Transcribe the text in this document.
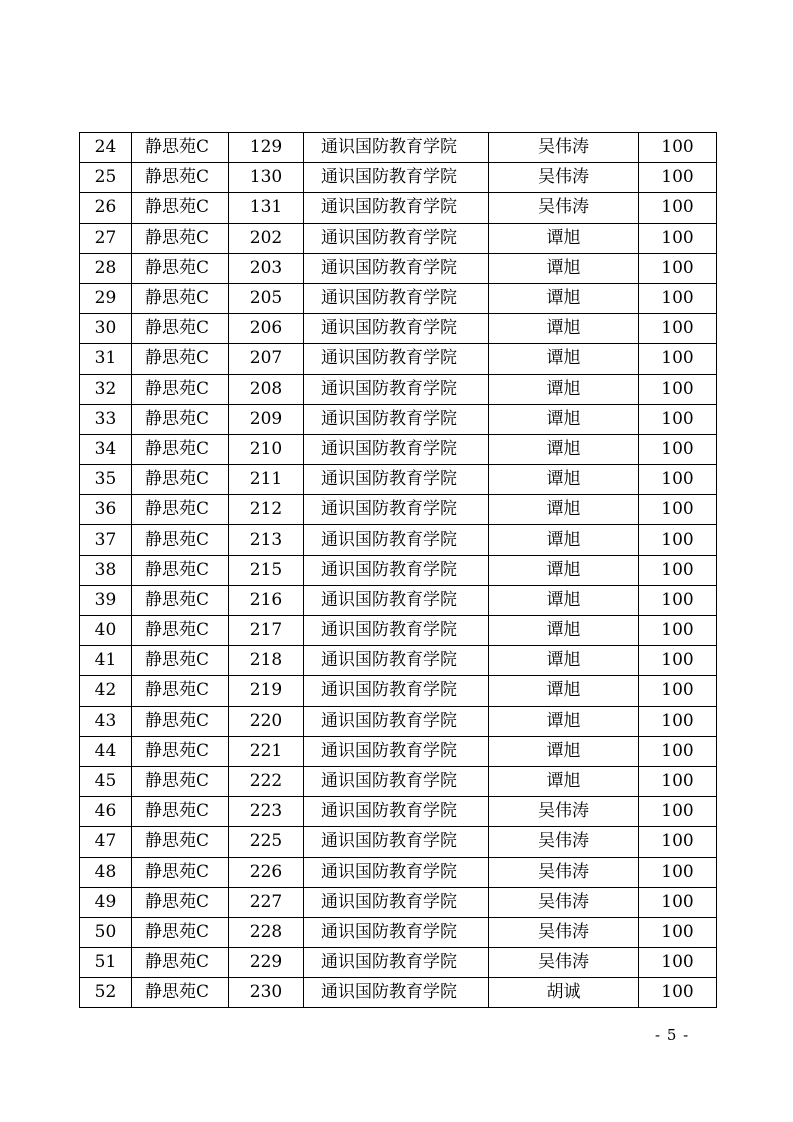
24	静思苑C	129	通识国防教育学院	吴伟涛	100
25	静思苑C	130	通识国防教育学院	吴伟涛	100
26	静思苑C	131	通识国防教育学院	吴伟涛	100
27	静思苑C	202	通识国防教育学院	谭旭	100
28	静思苑C	203	通识国防教育学院	谭旭	100
29	静思苑C	205	通识国防教育学院	谭旭	100
30	静思苑C	206	通识国防教育学院	谭旭	100
31	静思苑C	207	通识国防教育学院	谭旭	100
32	静思苑C	208	通识国防教育学院	谭旭	100
33	静思苑C	209	通识国防教育学院	谭旭	100
34	静思苑C	210	通识国防教育学院	谭旭	100
35	静思苑C	211	通识国防教育学院	谭旭	100
36	静思苑C	212	通识国防教育学院	谭旭	100
37	静思苑C	213	通识国防教育学院	谭旭	100
38	静思苑C	215	通识国防教育学院	谭旭	100
39	静思苑C	216	通识国防教育学院	谭旭	100
40	静思苑C	217	通识国防教育学院	谭旭	100
41	静思苑C	218	通识国防教育学院	谭旭	100
42	静思苑C	219	通识国防教育学院	谭旭	100
43	静思苑C	220	通识国防教育学院	谭旭	100
44	静思苑C	221	通识国防教育学院	谭旭	100
45	静思苑C	222	通识国防教育学院	谭旭	100
46	静思苑C	223	通识国防教育学院	吴伟涛	100
47	静思苑C	225	通识国防教育学院	吴伟涛	100
48	静思苑C	226	通识国防教育学院	吴伟涛	100
49	静思苑C	227	通识国防教育学院	吴伟涛	100
50	静思苑C	228	通识国防教育学院	吴伟涛	100
51	静思苑C	229	通识国防教育学院	吴伟涛	100
52	静思苑C	230	通识国防教育学院	胡诚	100
- 5 -
